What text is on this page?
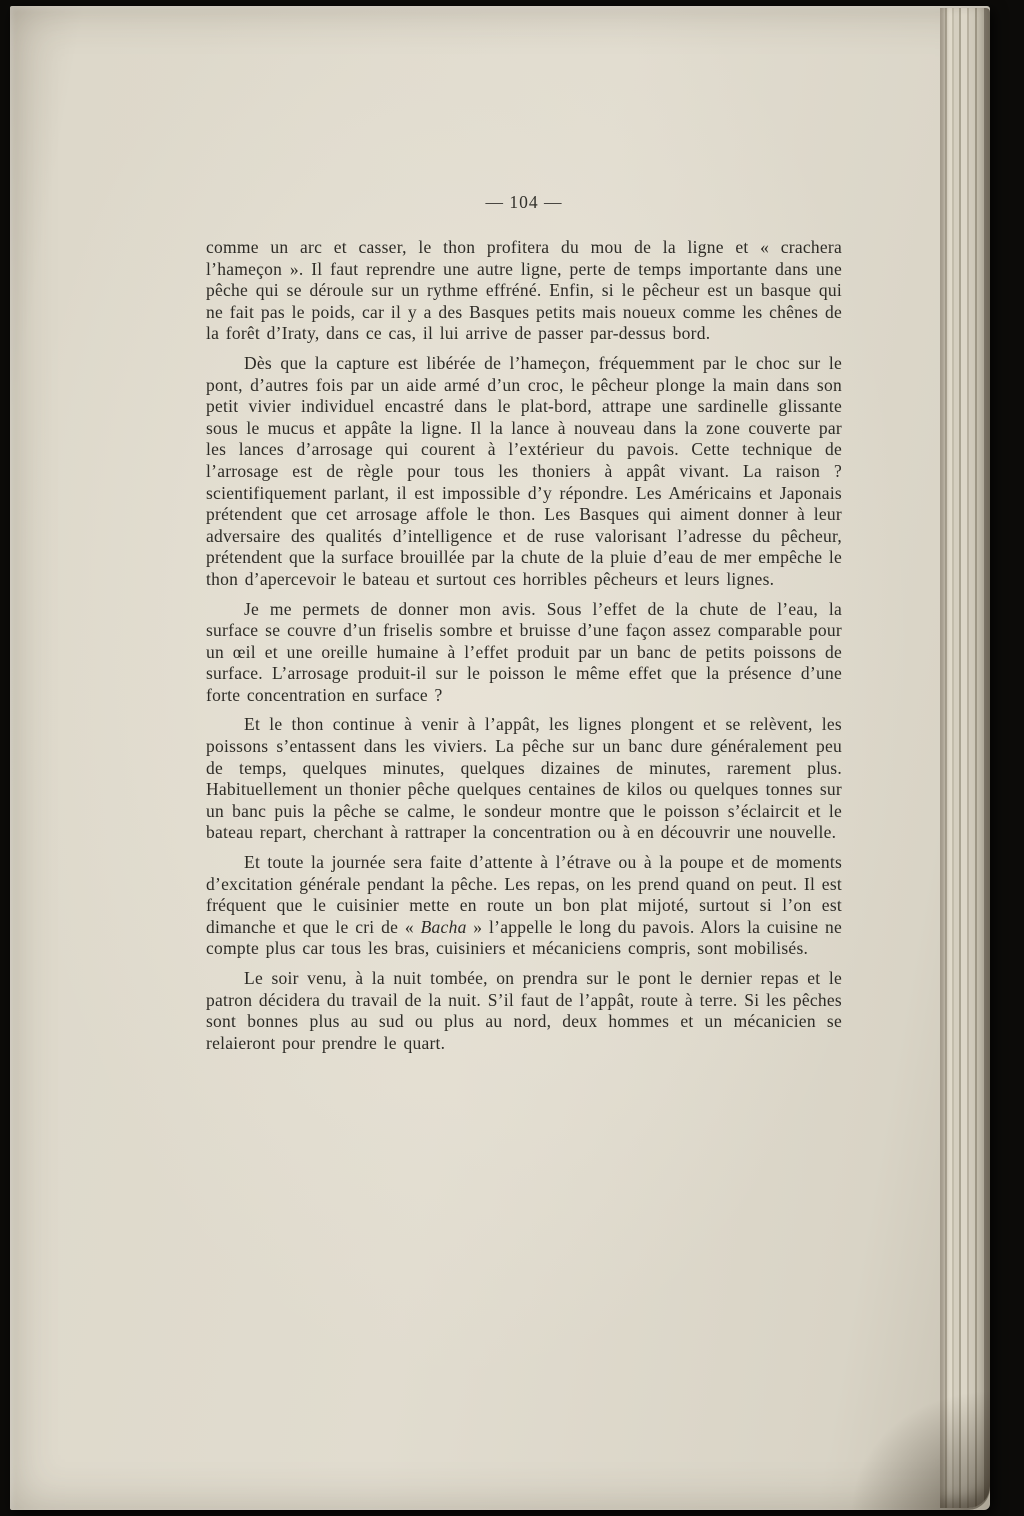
— 104 —

comme un arc et casser, le thon profitera du mou de la ligne et « crachera l’hameçon ». Il faut reprendre une autre ligne, perte de temps importante dans une pêche qui se déroule sur un rythme effréné. Enfin, si le pêcheur est un basque qui ne fait pas le poids, car il y a des Basques petits mais noueux comme les chênes de la forêt d’Iraty, dans ce cas, il lui arrive de passer par-dessus bord.

Dès que la capture est libérée de l’hameçon, fréquemment par le choc sur le pont, d’autres fois par un aide armé d’un croc, le pêcheur plonge la main dans son petit vivier individuel encastré dans le plat-bord, attrape une sardinelle glissante sous le mucus et appâte la ligne. Il la lance à nouveau dans la zone couverte par les lances d’arrosage qui courent à l’extérieur du pavois. Cette technique de l’arrosage est de règle pour tous les thoniers à appât vivant. La raison ? scientifiquement parlant, il est impossible d’y répondre. Les Américains et Japonais prétendent que cet arrosage affole le thon. Les Basques qui aiment donner à leur adversaire des qualités d’intelligence et de ruse valorisant l’adresse du pêcheur, prétendent que la surface brouillée par la chute de la pluie d’eau de mer empêche le thon d’apercevoir le bateau et surtout ces horribles pêcheurs et leurs lignes.

Je me permets de donner mon avis. Sous l’effet de la chute de l’eau, la surface se couvre d’un friselis sombre et bruisse d’une façon assez comparable pour un œil et une oreille humaine à l’effet produit par un banc de petits poissons de surface. L’arrosage produit-il sur le poisson le même effet que la présence d’une forte concentration en surface ?

Et le thon continue à venir à l’appât, les lignes plongent et se relèvent, les poissons s’entassent dans les viviers. La pêche sur un banc dure généralement peu de temps, quelques minutes, quelques dizaines de minutes, rarement plus. Habituellement un thonier pêche quelques centaines de kilos ou quelques tonnes sur un banc puis la pêche se calme, le sondeur montre que le poisson s’éclaircit et le bateau repart, cherchant à rattraper la concentration ou à en découvrir une nouvelle.

Et toute la journée sera faite d’attente à l’étrave ou à la poupe et de moments d’excitation générale pendant la pêche. Les repas, on les prend quand on peut. Il est fréquent que le cuisinier mette en route un bon plat mijoté, surtout si l’on est dimanche et que le cri de « Bacha » l’appelle le long du pavois. Alors la cuisine ne compte plus car tous les bras, cuisiniers et mécaniciens compris, sont mobilisés.

Le soir venu, à la nuit tombée, on prendra sur le pont le dernier repas et le patron décidera du travail de la nuit. S’il faut de l’appât, route à terre. Si les pêches sont bonnes plus au sud ou plus au nord, deux hommes et un mécanicien se relaieront pour prendre le quart.
